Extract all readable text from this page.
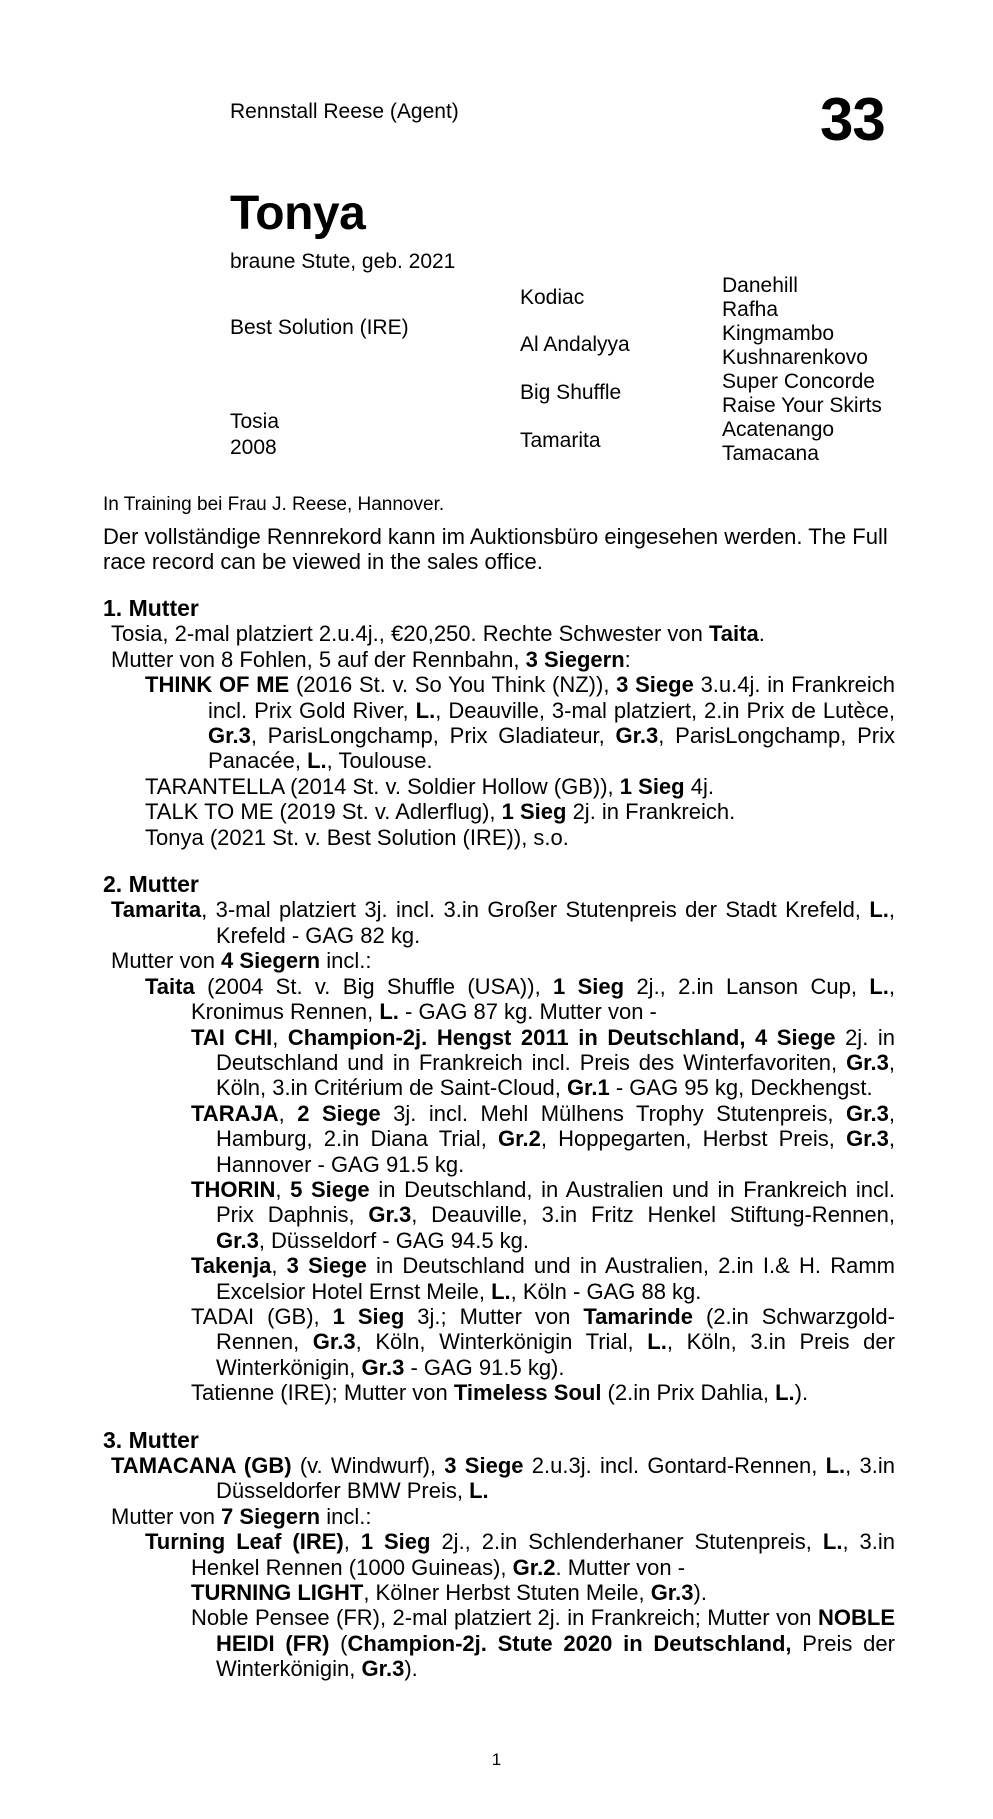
Rennstall Reese (Agent)	33
Tonya
braune Stute, geb. 2021
Best Solution (IRE)
Tosia
2008
Kodiac
Al Andalyya
Big Shuffle
Tamarita
Danehill
Rafha
Kingmambo
Kushnarenkovo
Super Concorde
Raise Your Skirts
Acatenango
Tamacana
In Training bei Frau J. Reese, Hannover.
Der vollständige Rennrekord kann im Auktionsbüro eingesehen werden. The Full race record can be viewed in the sales office.
1. Mutter
Tosia, 2-mal platziert 2.u.4j., €20,250. Rechte Schwester von Taita.
Mutter von 8 Fohlen, 5 auf der Rennbahn, 3 Siegern:
THINK OF ME (2016 St. v. So You Think (NZ)), 3 Siege 3.u.4j. in Frankreich incl. Prix Gold River, L., Deauville, 3-mal platziert, 2.in Prix de Lutèce, Gr.3, ParisLongchamp, Prix Gladiateur, Gr.3, ParisLongchamp, Prix Panacée, L., Toulouse.
TARANTELLA (2014 St. v. Soldier Hollow (GB)), 1 Sieg 4j.
TALK TO ME (2019 St. v. Adlerflug), 1 Sieg 2j. in Frankreich.
Tonya (2021 St. v. Best Solution (IRE)), s.o.
2. Mutter
Tamarita, 3-mal platziert 3j. incl. 3.in Großer Stutenpreis der Stadt Krefeld, L., Krefeld - GAG 82 kg.
Mutter von 4 Siegern incl.:
Taita (2004 St. v. Big Shuffle (USA)), 1 Sieg 2j., 2.in Lanson Cup, L., Kronimus Rennen, L. - GAG 87 kg. Mutter von -
TAI CHI, Champion-2j. Hengst 2011 in Deutschland, 4 Siege 2j. in Deutschland und in Frankreich incl. Preis des Winterfavoriten, Gr.3, Köln, 3.in Critérium de Saint-Cloud, Gr.1 - GAG 95 kg, Deckhengst.
TARAJA, 2 Siege 3j. incl. Mehl Mülhens Trophy Stutenpreis, Gr.3, Hamburg, 2.in Diana Trial, Gr.2, Hoppegarten, Herbst Preis, Gr.3, Hannover - GAG 91.5 kg.
THORIN, 5 Siege in Deutschland, in Australien und in Frankreich incl. Prix Daphnis, Gr.3, Deauville, 3.in Fritz Henkel Stiftung-Rennen, Gr.3, Düsseldorf - GAG 94.5 kg.
Takenja, 3 Siege in Deutschland und in Australien, 2.in I.& H. Ramm Excelsior Hotel Ernst Meile, L., Köln - GAG 88 kg.
TADAI (GB), 1 Sieg 3j.; Mutter von Tamarinde (2.in Schwarzgold-Rennen, Gr.3, Köln, Winterkönigin Trial, L., Köln, 3.in Preis der Winterkönigin, Gr.3 - GAG 91.5 kg).
Tatienne (IRE); Mutter von Timeless Soul (2.in Prix Dahlia, L.).
3. Mutter
TAMACANA (GB) (v. Windwurf), 3 Siege 2.u.3j. incl. Gontard-Rennen, L., 3.in Düsseldorfer BMW Preis, L.
Mutter von 7 Siegern incl.:
Turning Leaf (IRE), 1 Sieg 2j., 2.in Schlenderhaner Stutenpreis, L., 3.in Henkel Rennen (1000 Guineas), Gr.2. Mutter von -
TURNING LIGHT, Kölner Herbst Stuten Meile, Gr.3).
Noble Pensee (FR), 2-mal platziert 2j. in Frankreich; Mutter von NOBLE HEIDI (FR) (Champion-2j. Stute 2020 in Deutschland, Preis der Winterkönigin, Gr.3).
1
